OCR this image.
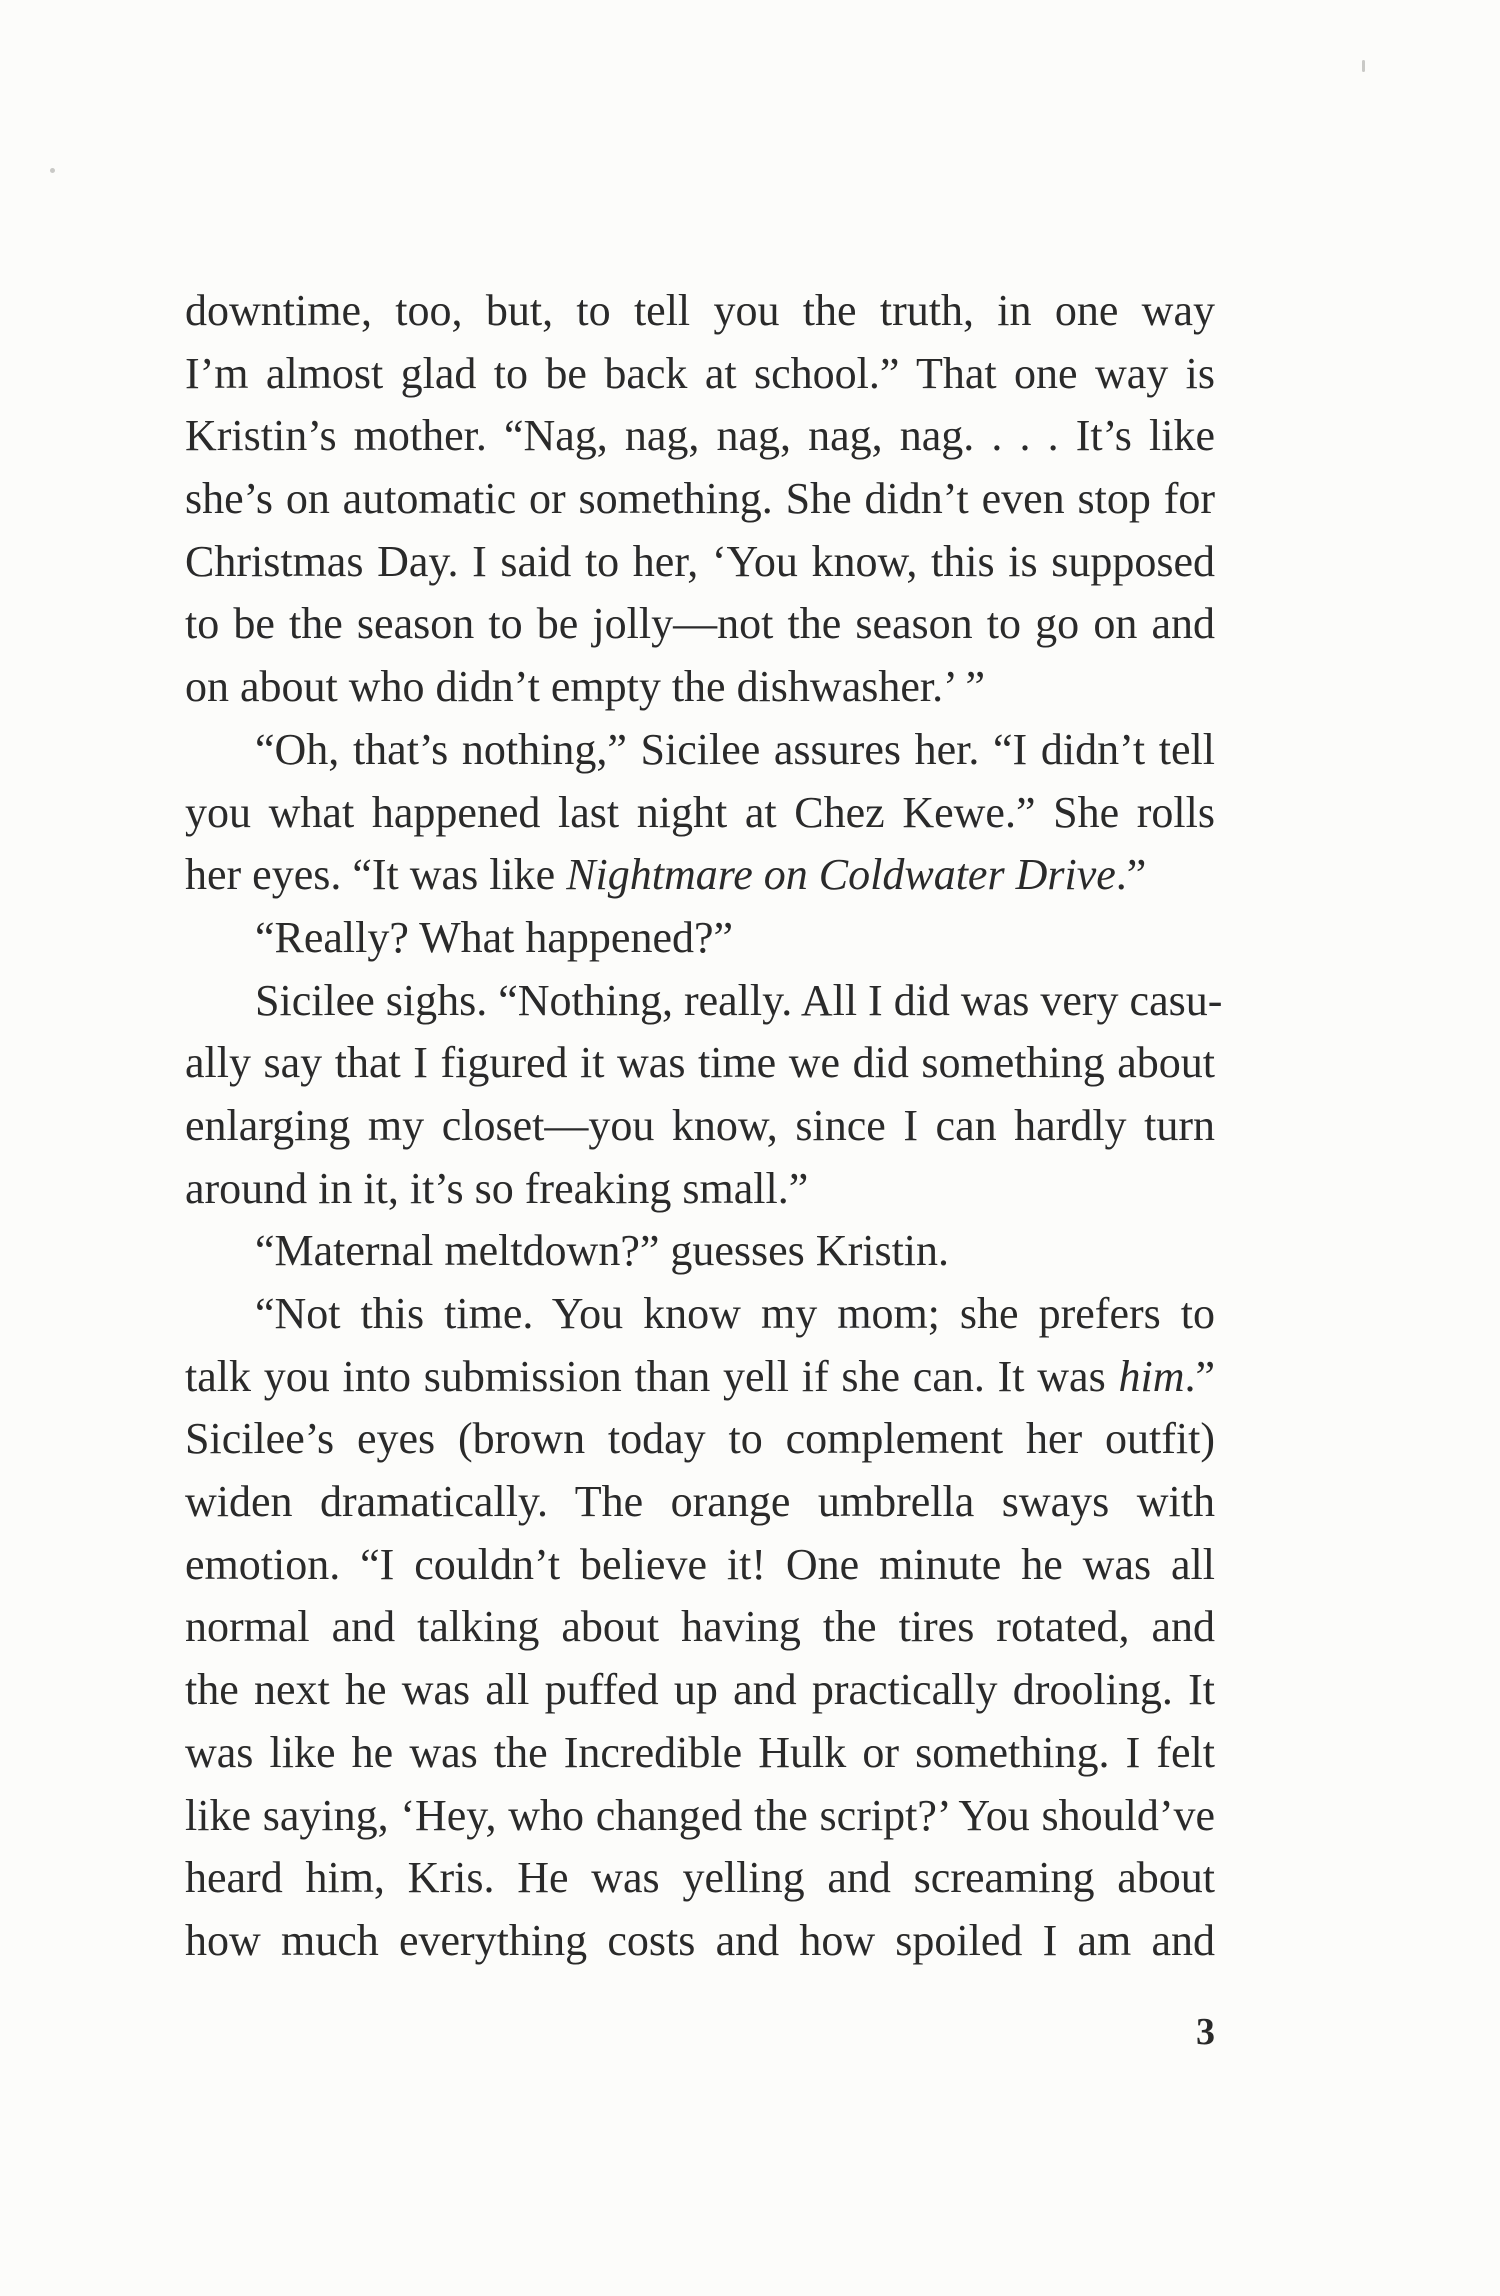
downtime, too, but, to tell you the truth, in one way
I’m almost glad to be back at school.” That one way is
Kristin’s mother. “Nag, nag, nag, nag, nag. . . . It’s like
she’s on automatic or something. She didn’t even stop for
Christmas Day. I said to her, ‘You know, this is supposed
to be the season to be jolly—not the season to go on and
on about who didn’t empty the dishwasher.’ ”
“Oh, that’s nothing,” Sicilee assures her. “I didn’t tell
you what happened last night at Chez Kewe.” She rolls
her eyes. “It was like Nightmare on Coldwater Drive.”
“Really? What happened?”
Sicilee sighs. “Nothing, really. All I did was very casu-
ally say that I figured it was time we did something about
enlarging my closet—you know, since I can hardly turn
around in it, it’s so freaking small.”
“Maternal meltdown?” guesses Kristin.
“Not this time. You know my mom; she prefers to
talk you into submission than yell if she can. It was him.”
Sicilee’s eyes (brown today to complement her outfit)
widen dramatically. The orange umbrella sways with
emotion. “I couldn’t believe it! One minute he was all
normal and talking about having the tires rotated, and
the next he was all puffed up and practically drooling. It
was like he was the Incredible Hulk or something. I felt
like saying, ‘Hey, who changed the script?’ You should’ve
heard him, Kris. He was yelling and screaming about
how much everything costs and how spoiled I am and
3
